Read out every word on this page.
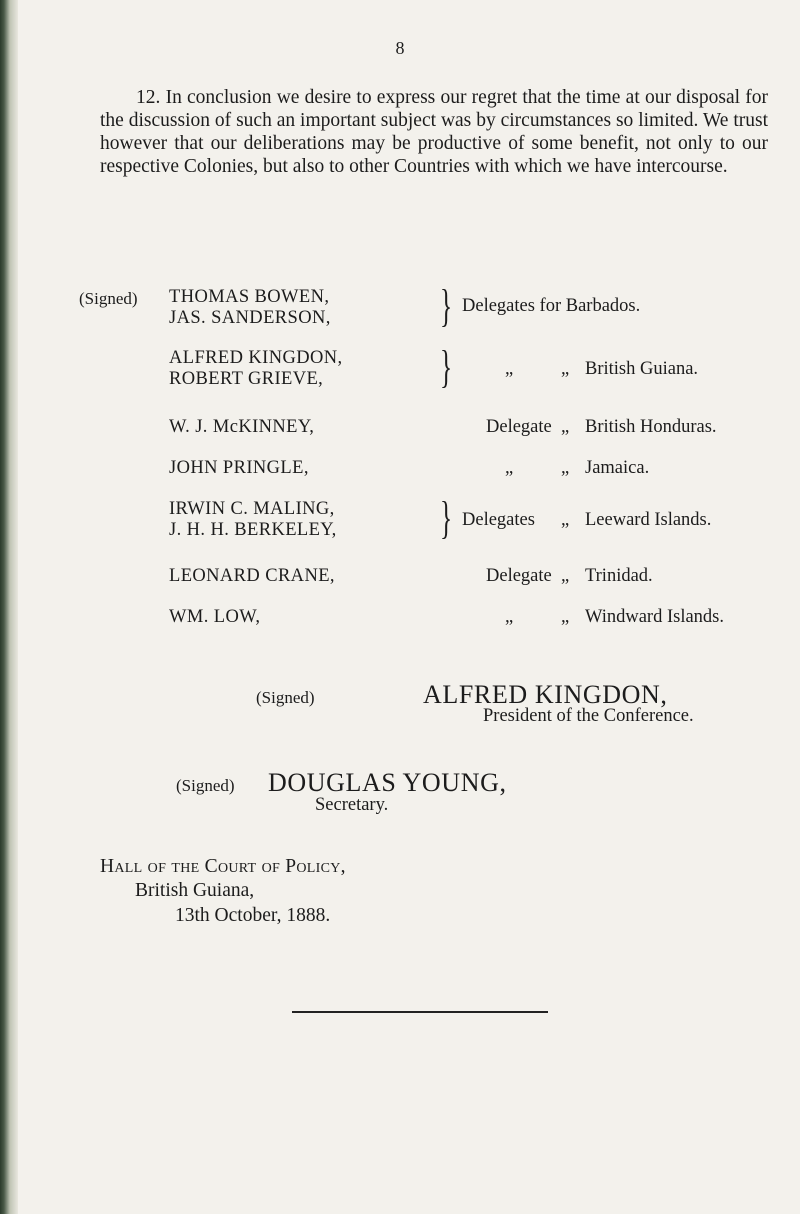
8

12. In conclusion we desire to express our regret that the time at our disposal for the discussion of such an important subject was by circumstances so limited. We trust however that our deliberations may be productive of some benefit, not only to our respective Colonies, but also to other Countries with which we have intercourse.

(Signed) THOMAS BOWEN,
JAS. SANDERSON, } Delegates for Barbados.
ALFRED KINGDON,
ROBERT GRIEVE,	}	„	„ British Guiana.
W. J. McKINNEY,	Delegate „ British Honduras.
JOHN PRINGLE,	„	„ Jamaica.
IRWIN C. MALING,
J. H. H. BERKELEY, } Delegates „ Leeward Islands.
LEONARD CRANE,	Delegate „ Trinidad.
WM. LOW,	„	„ Windward Islands.
(Signed)	ALFRED KINGDON,
President of the Conference.
(Signed) DOUGLAS YOUNG,
Secretary.
Hall of the Court of Policy,
British Guiana,
13th October, 1888.
